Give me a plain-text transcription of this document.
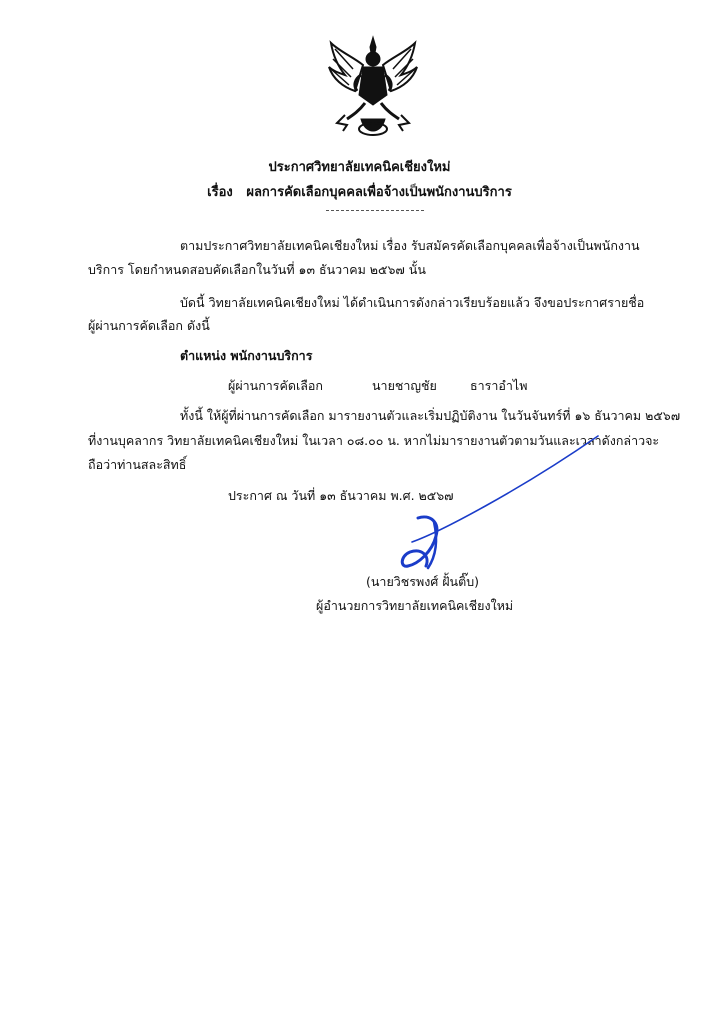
ประกาศวิทยาลัยเทคนิคเชียงใหม่
เรื่อง ผลการคัดเลือกบุคคลเพื่อจ้างเป็นพนักงานบริการ
ตามประกาศวิทยาลัยเทคนิคเชียงใหม่ เรื่อง รับสมัครคัดเลือกบุคคลเพื่อจ้างเป็นพนักงาน
บริการ โดยกำหนดสอบคัดเลือกในวันที่ ๑๓ ธันวาคม ๒๕๖๗ นั้น
บัดนี้ วิทยาลัยเทคนิคเชียงใหม่ ได้ดำเนินการดังกล่าวเรียบร้อยแล้ว จึงขอประกาศรายชื่อ
ผู้ผ่านการคัดเลือก ดังนี้
ตำแหน่ง พนักงานบริการ
ผู้ผ่านการคัดเลือก	นายชาญชัย	ธาราอำไพ
ทั้งนี้ ให้ผู้ที่ผ่านการคัดเลือก มารายงานตัวและเริ่มปฏิบัติงาน ในวันจันทร์ที่ ๑๖ ธันวาคม ๒๕๖๗
ที่งานบุคลากร วิทยาลัยเทคนิคเชียงใหม่ ในเวลา ๐๘.๐๐ น. หากไม่มารายงานตัวตามวันและเวลาดังกล่าวจะ
ถือว่าท่านสละสิทธิ์
ประกาศ ณ วันที่ ๑๓ ธันวาคม พ.ศ. ๒๕๖๗
(นายวิชรพงศ์ ฝั้นติ๊บ)
ผู้อำนวยการวิทยาลัยเทคนิคเชียงใหม่
